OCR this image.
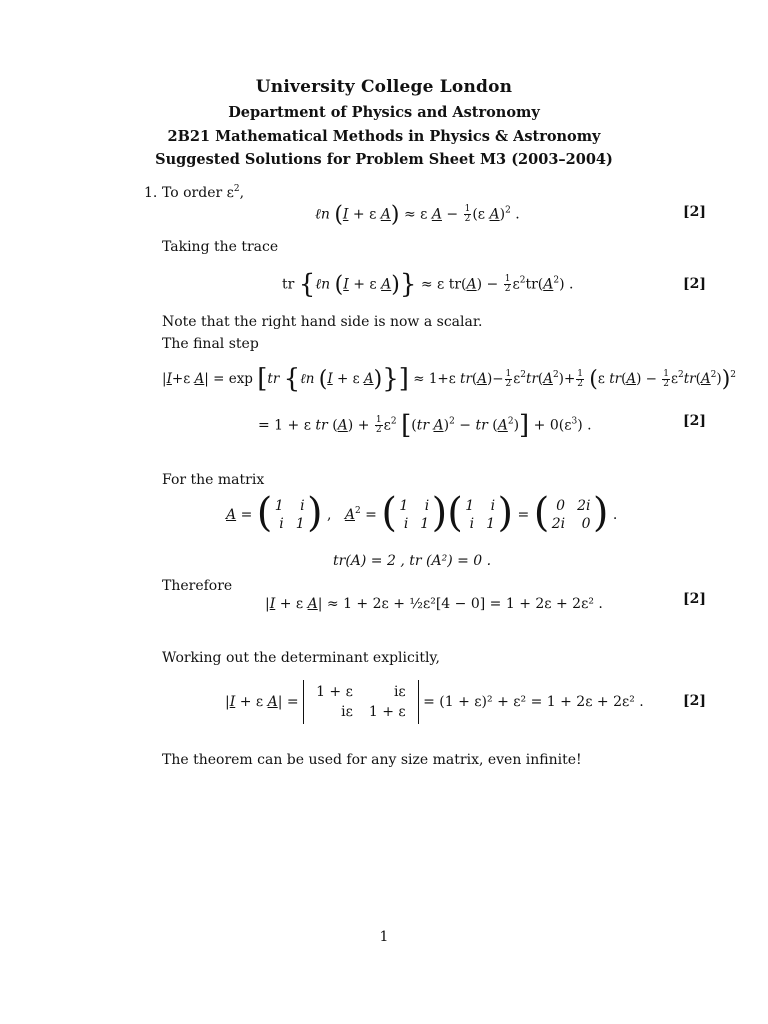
University College London
Department of Physics and Astronomy
2B21 Mathematical Methods in Physics & Astronomy
Suggested Solutions for Problem Sheet M3 (2003–2004)
1. To order $\varepsilon^2$,
ℓn (I + ε A) ≈ ε $A - \frac{1}{2} (\varepsilon$ A)$^2$ .	[2]
Taking the trace
tr {ℓn (I + ε A)} ≈ ε $tr(A) - \frac{1}{2} \varepsilon^2tr(A^2)$ .	[2]
Note that the right hand side is now a scalar.
The final step
|I+ε A| = exp [tr {ℓn (I + ε A)}] ≈ 1+ε $tr(A)- \frac{1}{2} \varepsilon^2tr(A^2)+ \frac{1}{2} (\varepsilon$ $tr(A) - \frac{1}{2} \varepsilon^2tr(A^2))^2$
= 1 + ε tr $(A) + \frac{1}{2} \varepsilon^2$ [(tr A)$^2$ − tr $(A^2)] + 0(\varepsilon^3)$ .	[2]
For the matrix
A = ( 1	i
i	1 ) ,   $A^2$ = ( 1	i
i	1 ) ( 1	i
i	1 ) = ( 0	2i
2i	0 ) .
tr(A) = 2 , tr (A²) = 0 .
Therefore
|I + ε A| ≈ 1 + 2ε + ½ε²[4 − 0] = 1 + 2ε + 2ε² .	[2]
Working out the determinant explicitly,
|I + ε A| =
1 + ε	iε
iε	1 + ε
= (1 + ε)² + ε² = 1 + 2ε + 2ε² .	[2]
The theorem can be used for any size matrix, even infinite!
1
